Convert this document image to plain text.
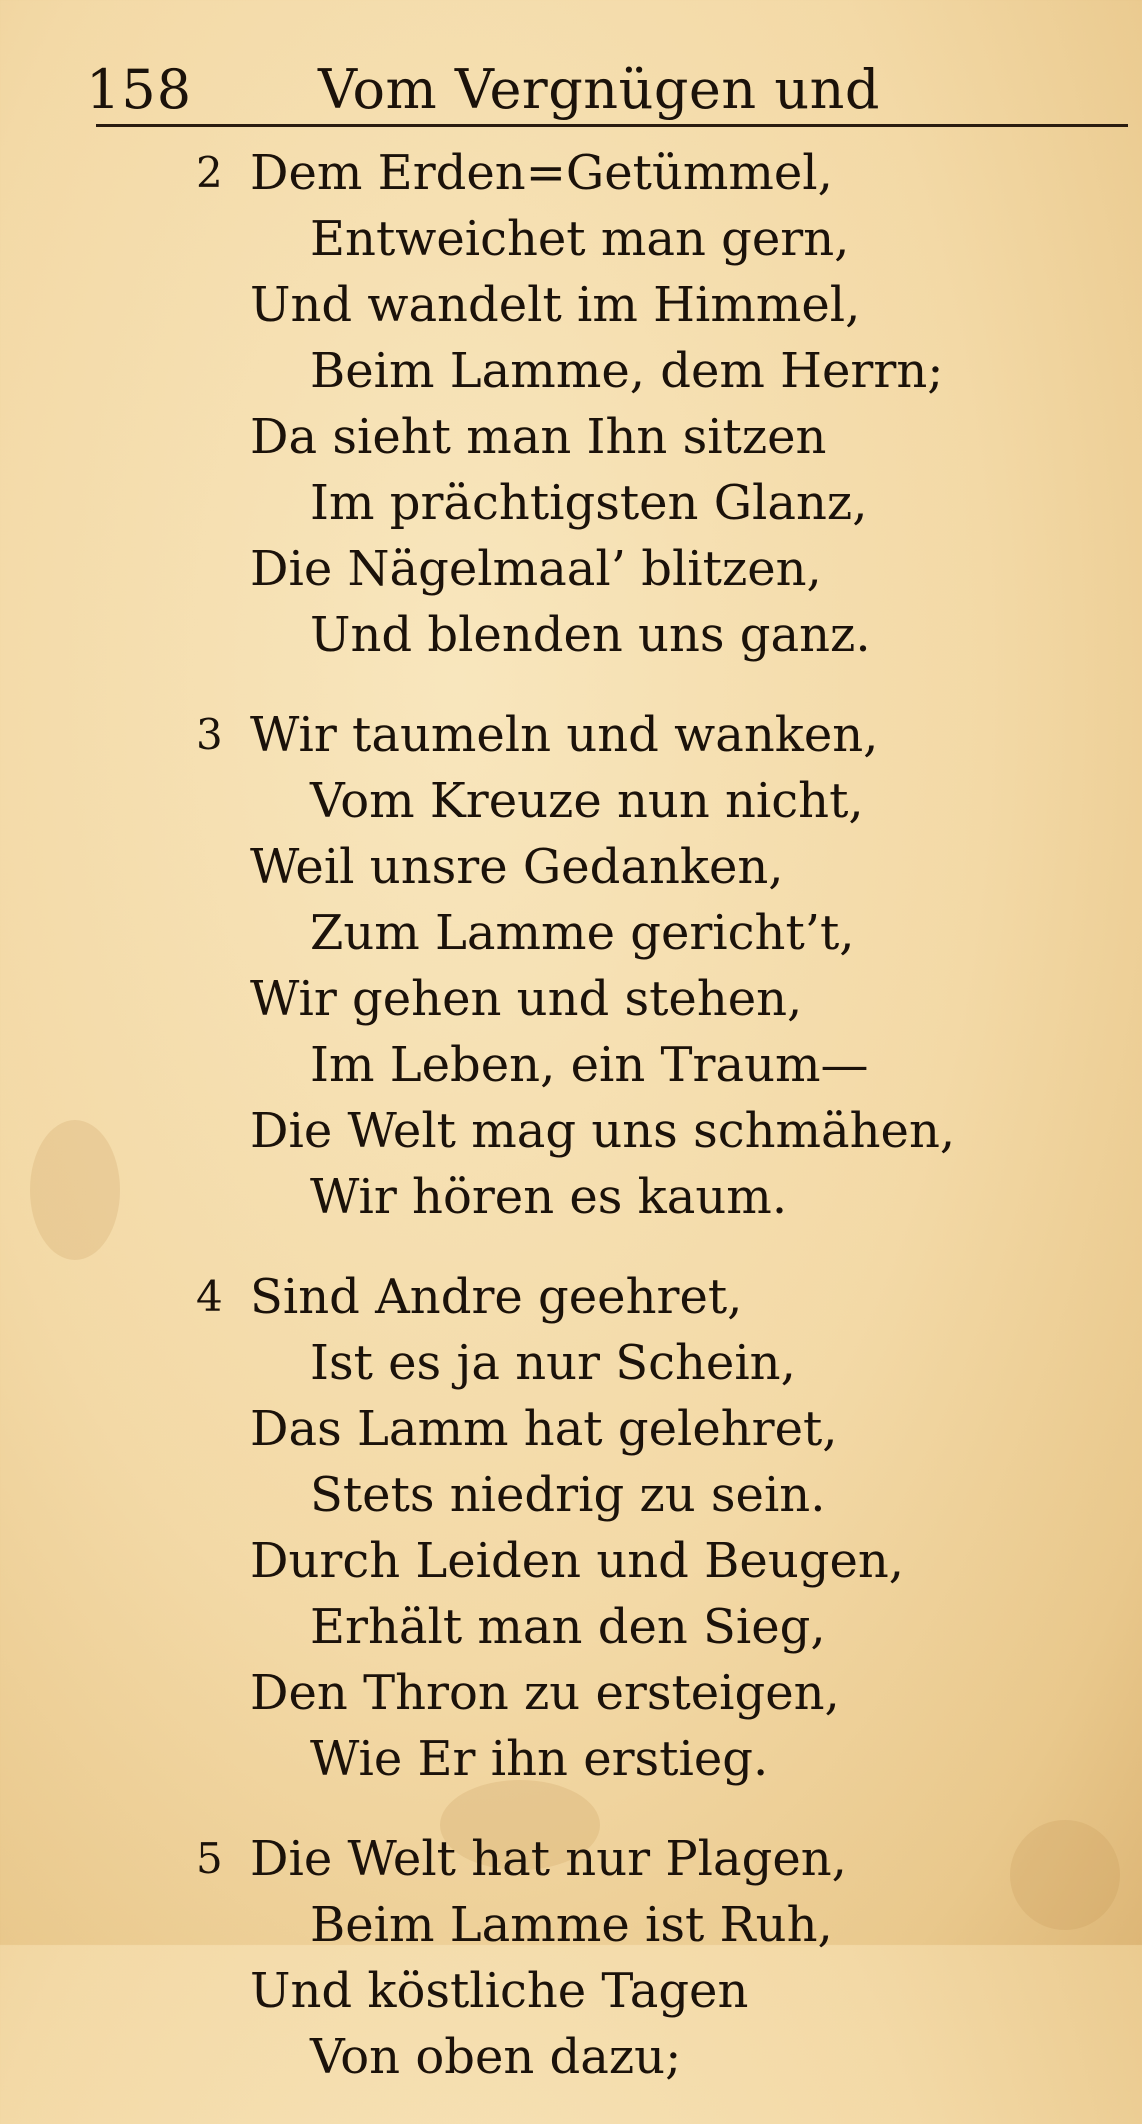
158 Vom Vergnügen und
2 Dem Erden=Getümmel,
Entweichet man gern,
Und wandelt im Himmel,
Beim Lamme, dem Herrn;
Da sieht man Ihn sitzen
Im prächtigsten Glanz,
Die Nägelmaal’ blitzen,
Und blenden uns ganz.
3 Wir taumeln und wanken,
Vom Kreuze nun nicht,
Weil unsre Gedanken,
Zum Lamme gericht’t,
Wir gehen und stehen,
Im Leben, ein Traum—
Die Welt mag uns schmähen,
Wir hören es kaum.
4 Sind Andre geehret,
Ist es ja nur Schein,
Das Lamm hat gelehret,
Stets niedrig zu sein.
Durch Leiden und Beugen,
Erhält man den Sieg,
Den Thron zu ersteigen,
Wie Er ihn erstieg.
5 Die Welt hat nur Plagen,
Beim Lamme ist Ruh,
Und köstliche Tagen
Von oben dazu;
